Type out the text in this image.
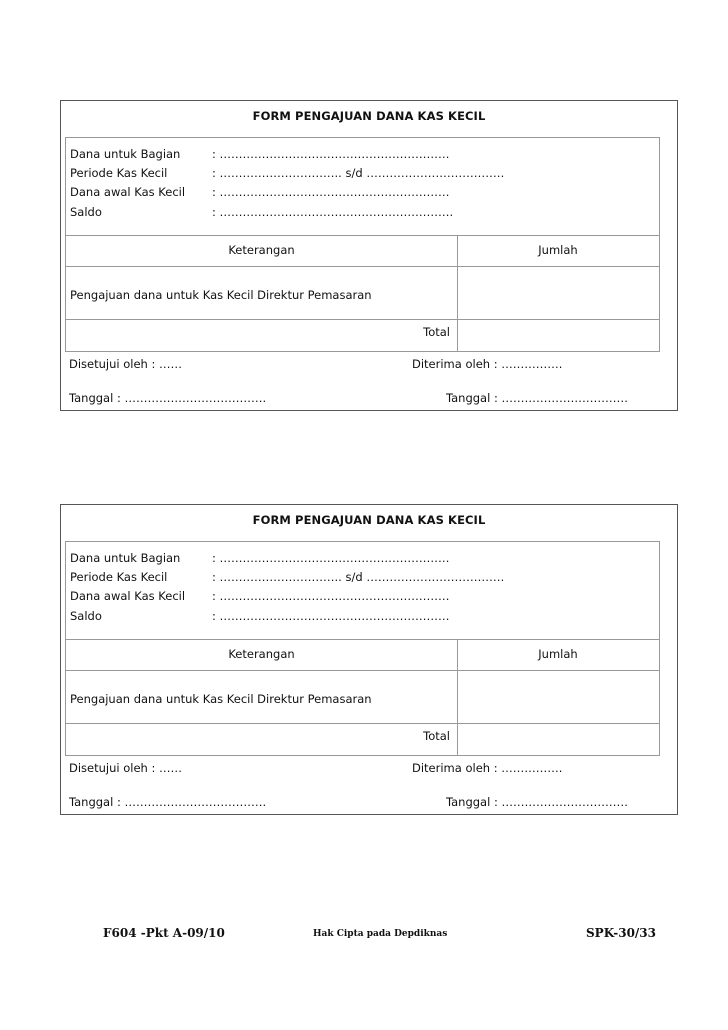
FORM PENGAJUAN DANA KAS KECIL
Dana untuk Bagian	: ……………………………………………………
Periode Kas Kecil	: ………………………….. s/d ………………………………
Dana awal Kas Kecil : ……………………………………………………
Saldo	: …………………………………………………….
Keterangan	Jumlah
Pengajuan dana untuk Kas Kecil Direktur Pemasaran
Total
Disetujui oleh : ……	Diterima oleh : …………….
Tanggal : ……………………………….	Tanggal : ……………………………
FORM PENGAJUAN DANA KAS KECIL
Dana untuk Bagian	: ……………………………………………………
Periode Kas Kecil	: ………………………….. s/d ………………………………
Dana awal Kas Kecil : ……………………………………………………
Saldo	: ……………………………………………………
Keterangan	Jumlah
Pengajuan dana untuk Kas Kecil Direktur Pemasaran
Total
Disetujui oleh : ……	Diterima oleh : …………….
Tanggal : ……………………………….	Tanggal : ……………………………
F604 -Pkt A-09/10	Hak Cipta pada Depdiknas	SPK-30/33
